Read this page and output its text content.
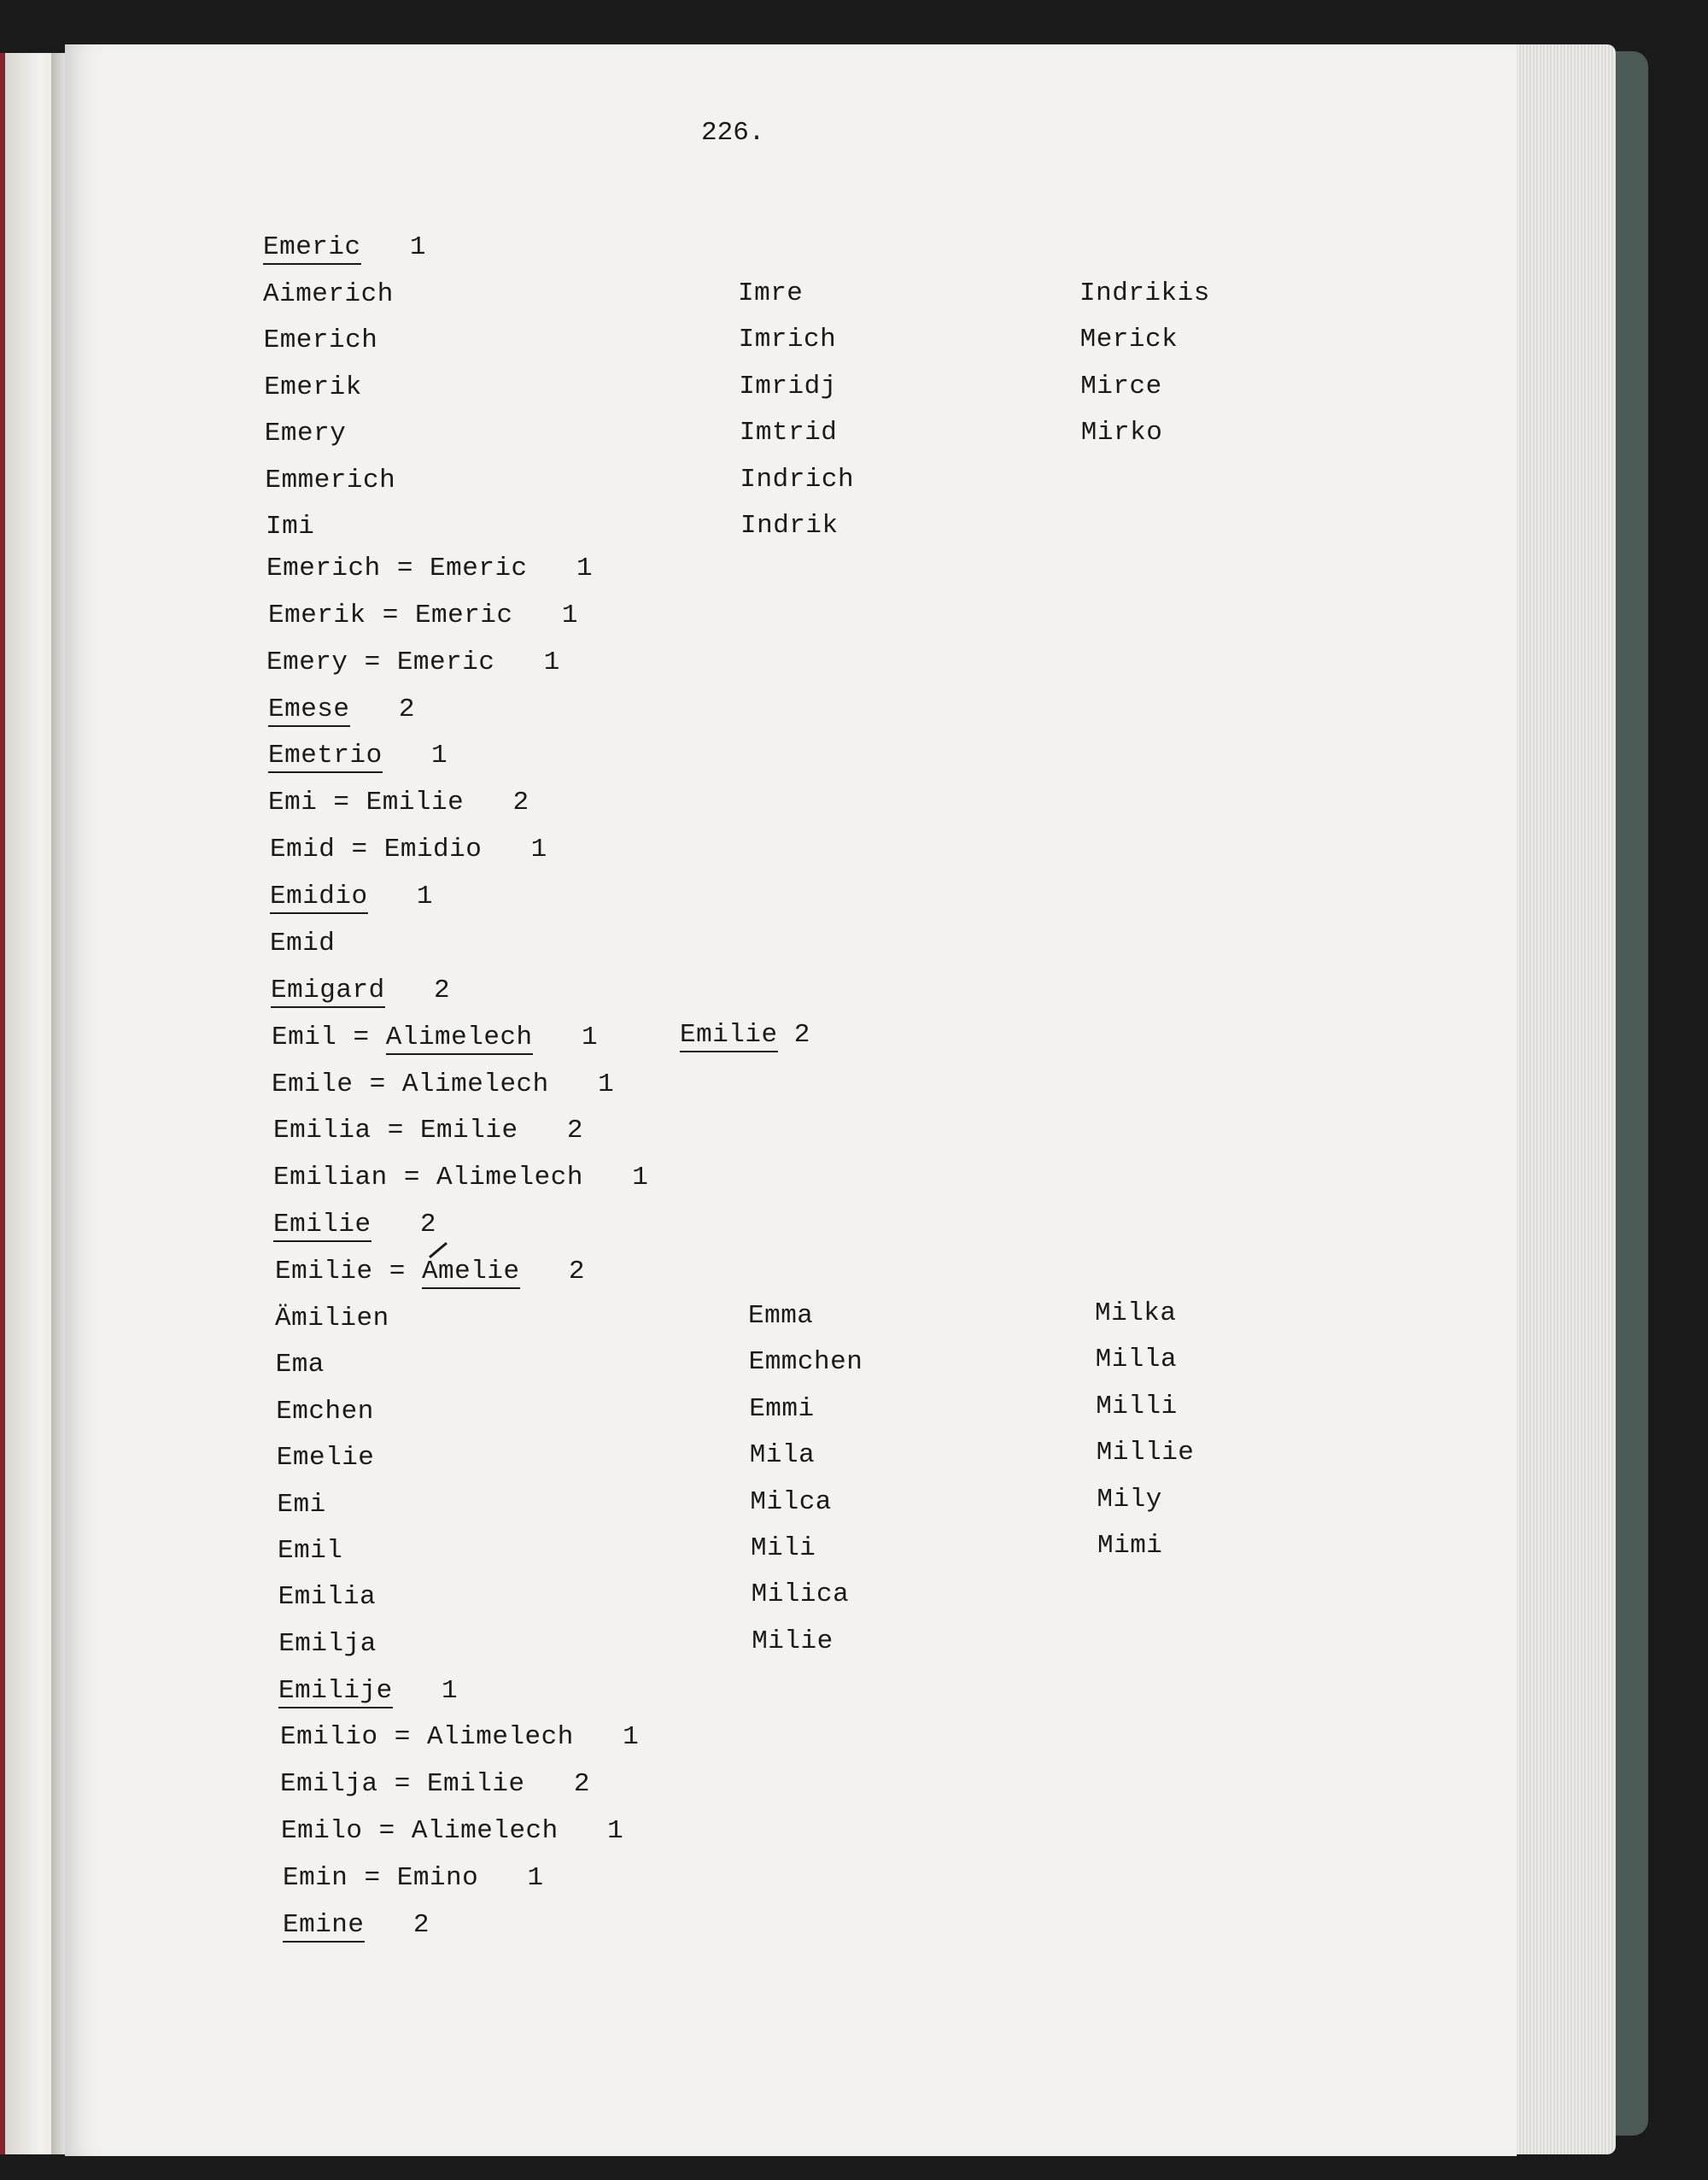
226.
Emeric   1
Emerich = Emeric   1
Emerik = Emeric   1
Emery = Emeric   1
Emese   2
Emetrio   1
Emi = Emilie   2
Emid = Emidio   1
Emidio   1
Emigard   2
Emil = Alimelech   1
Emile = Alimelech   1
Emilia = Emilie   2
Emilian = Alimelech   1
Emilie   2
Emilie = Amelie   2
Emilije   1
Emilio = Alimelech   1
Emilja = Emilie   2
Emilo = Alimelech   1
Emin = Emino   1
Emine   2
Aimerich
Emerich
Emerik
Emery
Emmerich
Imi
Imre
Imrich
Imridj
Imtrid
Indrich
Indrik
Indrikis
Merick
Mirce
Mirko
Emid
Emilie 2
Ämilien
Ema
Emchen
Emelie
Emi
Emil
Emilia
Emilja
Emma
Emmchen
Emmi
Mila
Milca
Mili
Milica
Milie
Milka
Milla
Milli
Millie
Mily
Mimi
